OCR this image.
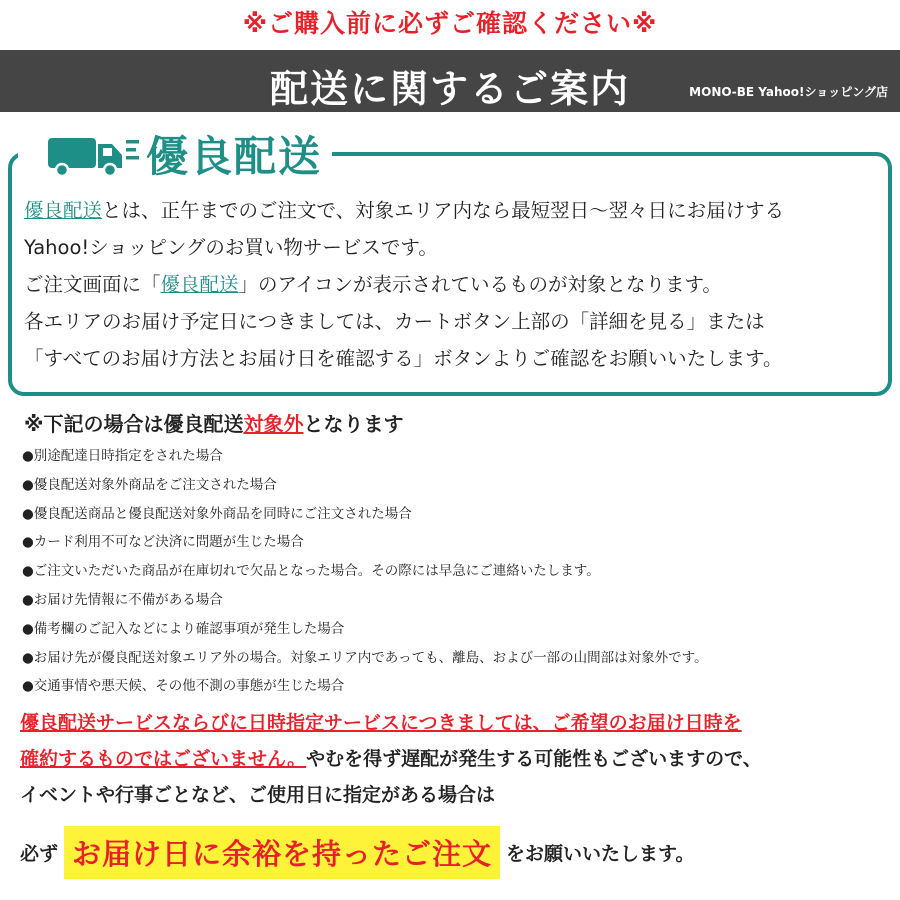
※ご購入前に必ずご確認ください※
配送に関するご案内	MONO-BE Yahoo!ショッピング店
優良配送

優良配送とは、正午までのご注文で、対象エリア内なら最短翌日〜翌々日にお届けする

Yahoo!ショッピングのお買い物サービスです。

ご注文画面に「優良配送」のアイコンが表示されているものが対象となります。

各エリアのお届け予定日につきましては、カートボタン上部の「詳細を見る」または

「すべてのお届け方法とお届け日を確認する」ボタンよりご確認をお願いいたします。

※下記の場合は優良配送対象外となります
●別途配達日時指定をされた場合
●優良配送対象外商品をご注文された場合
●優良配送商品と優良配送対象外商品を同時にご注文された場合
●カード利用不可など決済に問題が生じた場合
●ご注文いただいた商品が在庫切れで欠品となった場合。その際には早急にご連絡いたします。
●お届け先情報に不備がある場合
●備考欄のご記入などにより確認事項が発生した場合
●お届け先が優良配送対象エリア外の場合。対象エリア内であっても、離島、および一部の山間部は対象外です。
●交通事情や悪天候、その他不測の事態が生じた場合
優良配送サービスならびに日時指定サービスにつきましては、ご希望のお届け日時を
確約するものではございません。やむを得ず遅配が発生する可能性もございますので、
イベントや行事ごとなど、ご使用日に指定がある場合は
必ず お届け日に余裕を持ったご注文 をお願いいたします。
